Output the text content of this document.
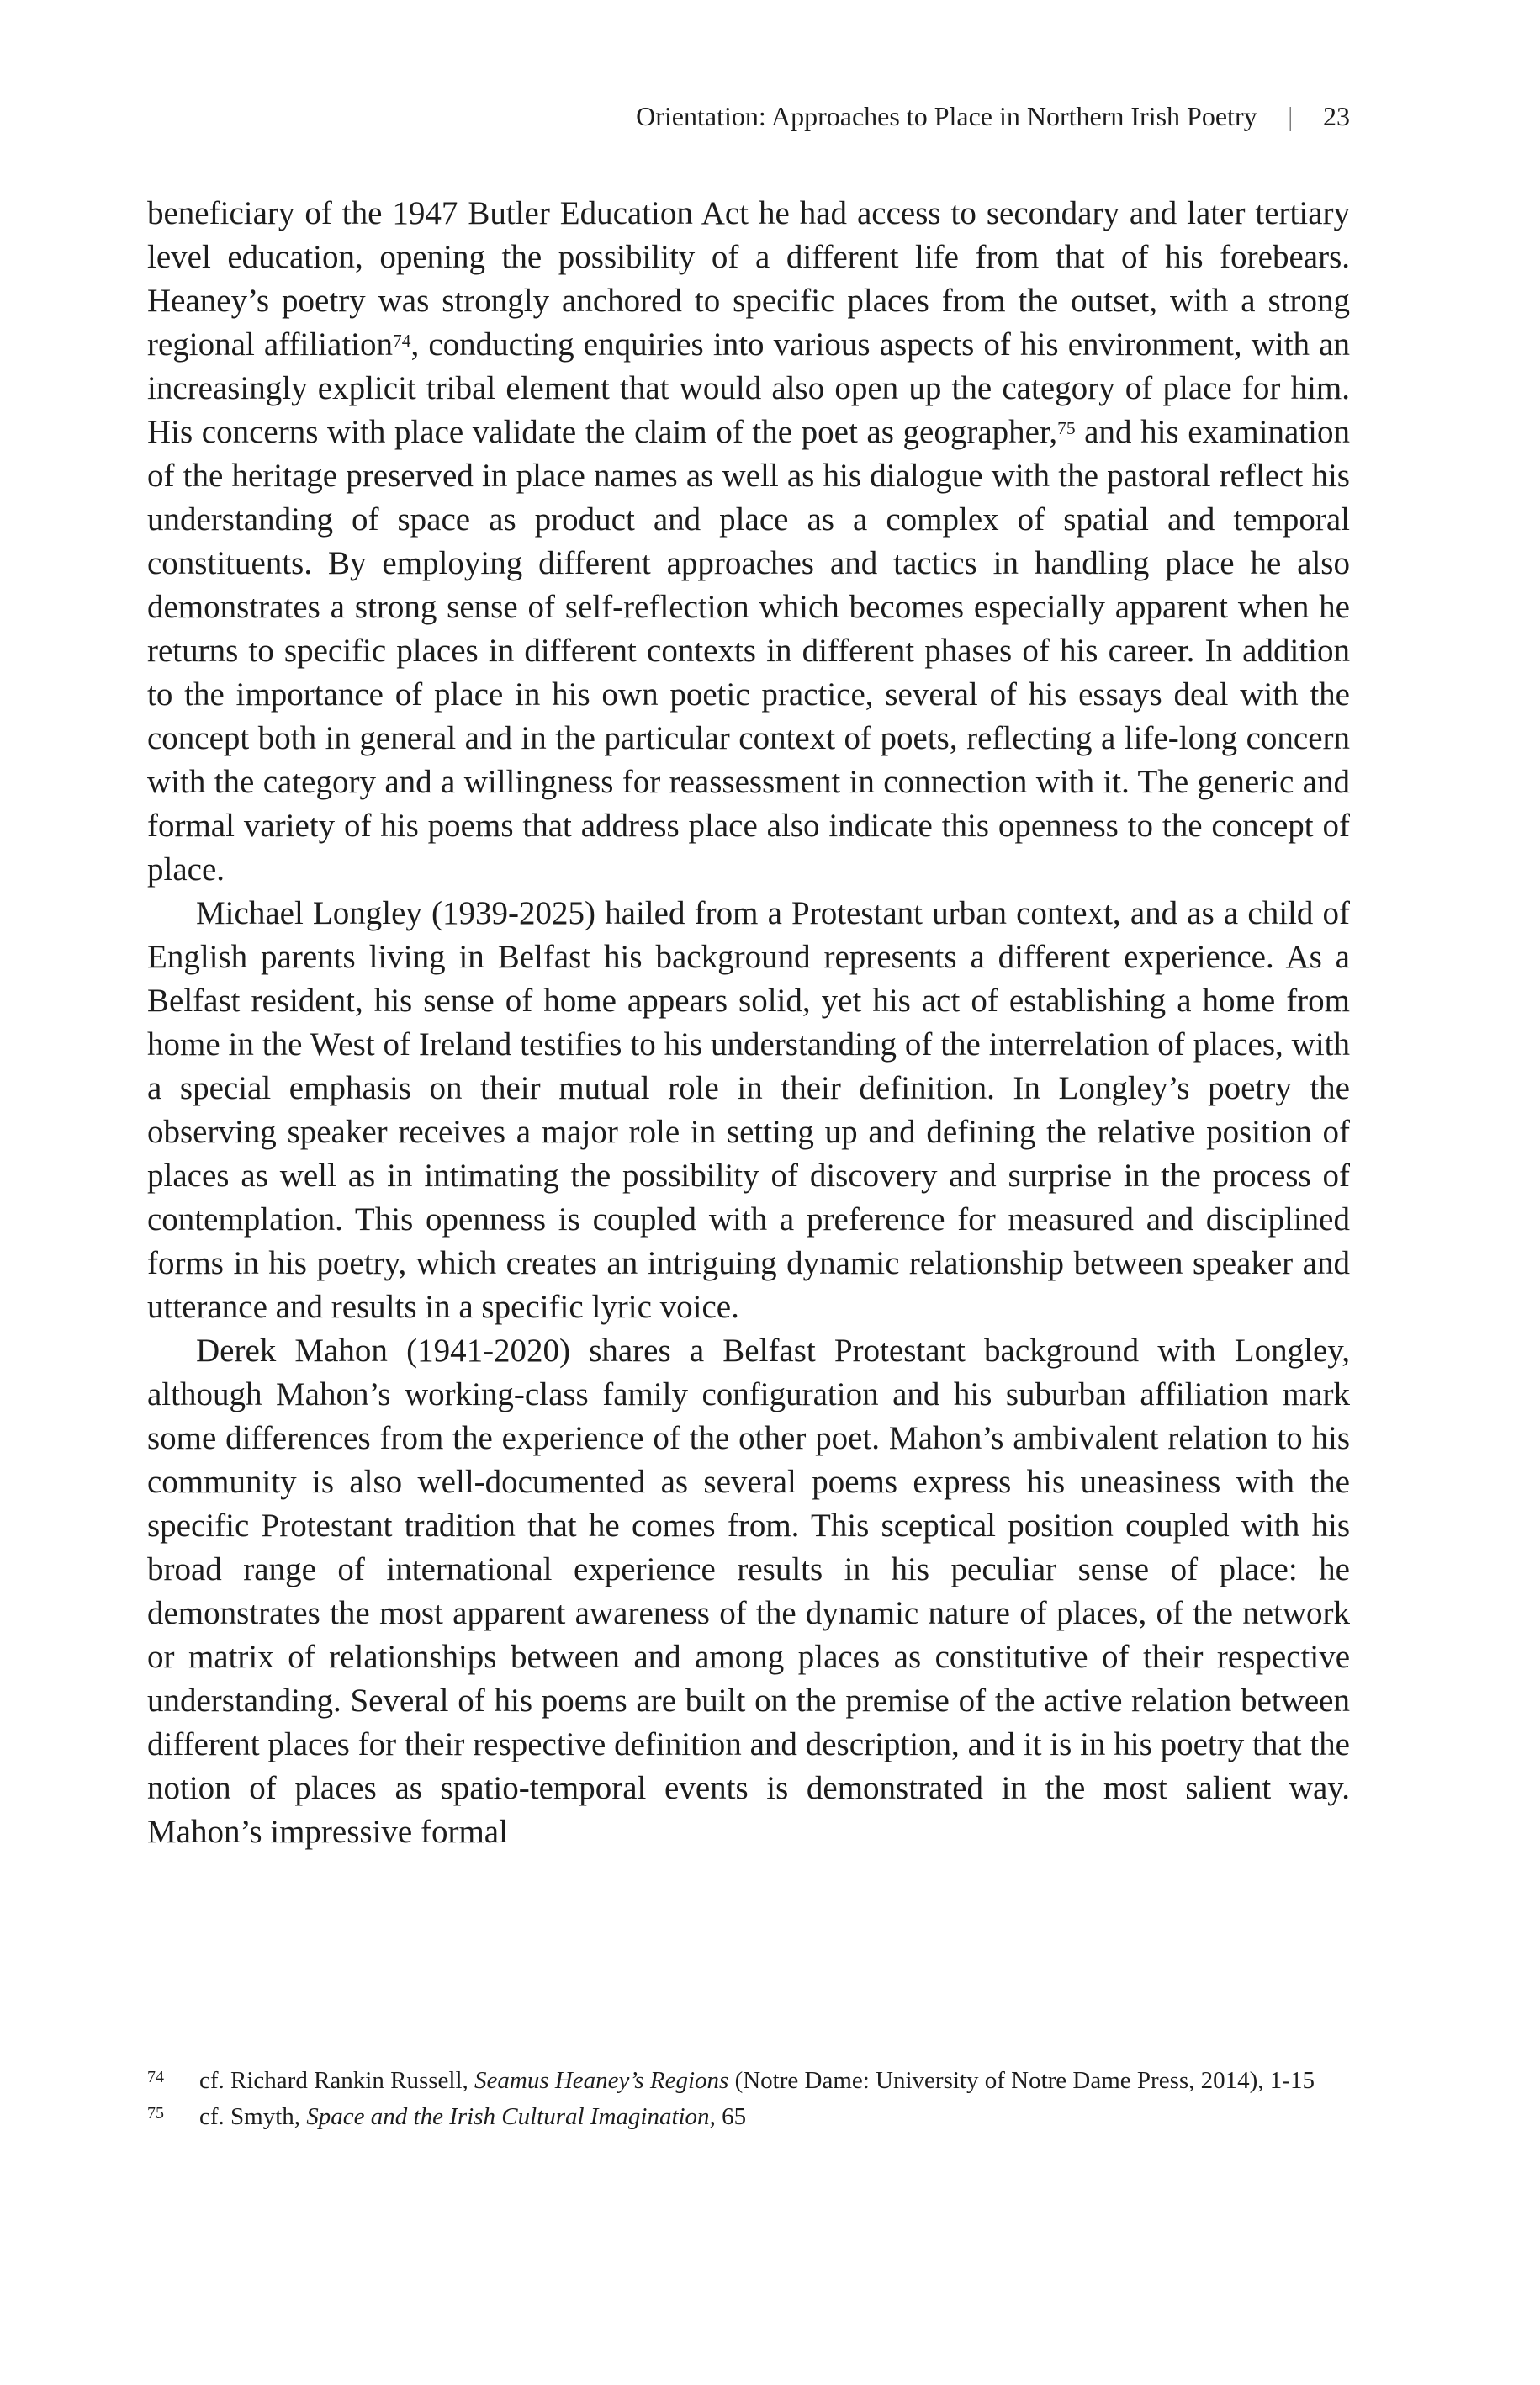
Orientation: Approaches to Place in Northern Irish Poetry | 23

beneficiary of the 1947 Butler Education Act he had access to secondary and later tertiary level education, opening the possibility of a different life from that of his forebears. Heaney’s poetry was strongly anchored to specific places from the outset, with a strong regional affiliation$^{74}$, conducting enquiries into various aspects of his environment, with an increasingly explicit tribal element that would also open up the category of place for him. His concerns with place validate the claim of the poet as geographer,$^{75}$ and his examination of the heritage preserved in place names as well as his dialogue with the pastoral reflect his understanding of space as product and place as a complex of spatial and temporal constituents. By employing different approaches and tactics in handling place he also demonstrates a strong sense of self-reflection which becomes especially apparent when he returns to specific places in different contexts in different phases of his career. In addition to the importance of place in his own poetic practice, several of his essays deal with the concept both in general and in the particular context of poets, reflecting a life-long concern with the category and a willingness for reassessment in connection with it. The generic and formal variety of his poems that address place also indicate this openness to the concept of place.

Michael Longley (1939-2025) hailed from a Protestant urban context, and as a child of English parents living in Belfast his background represents a different experience. As a Belfast resident, his sense of home appears solid, yet his act of establishing a home from home in the West of Ireland testifies to his understanding of the interrelation of places, with a special emphasis on their mutual role in their definition. In Longley’s poetry the observing speaker receives a major role in setting up and defining the relative position of places as well as in intimating the possibility of discovery and surprise in the process of contemplation. This openness is coupled with a preference for measured and disciplined forms in his poetry, which creates an intriguing dynamic relationship between speaker and utterance and results in a specific lyric voice.

Derek Mahon (1941-2020) shares a Belfast Protestant background with Longley, although Mahon’s working-class family configuration and his suburban affiliation mark some differences from the experience of the other poet. Mahon’s ambivalent relation to his community is also well-documented as several poems express his uneasiness with the specific Protestant tradition that he comes from. This sceptical position coupled with his broad range of international experience results in his peculiar sense of place: he demonstrates the most apparent awareness of the dynamic nature of places, of the network or matrix of relationships between and among places as constitutive of their respective understanding. Several of his poems are built on the premise of the active relation between different places for their respective definition and description, and it is in his poetry that the notion of places as spatio-temporal events is demonstrated in the most salient way. Mahon’s impressive formal

74 cf. Richard Rankin Russell, Seamus Heaney’s Regions (Notre Dame: University of Notre Dame Press, 2014), 1-15
75 cf. Smyth, Space and the Irish Cultural Imagination, 65
